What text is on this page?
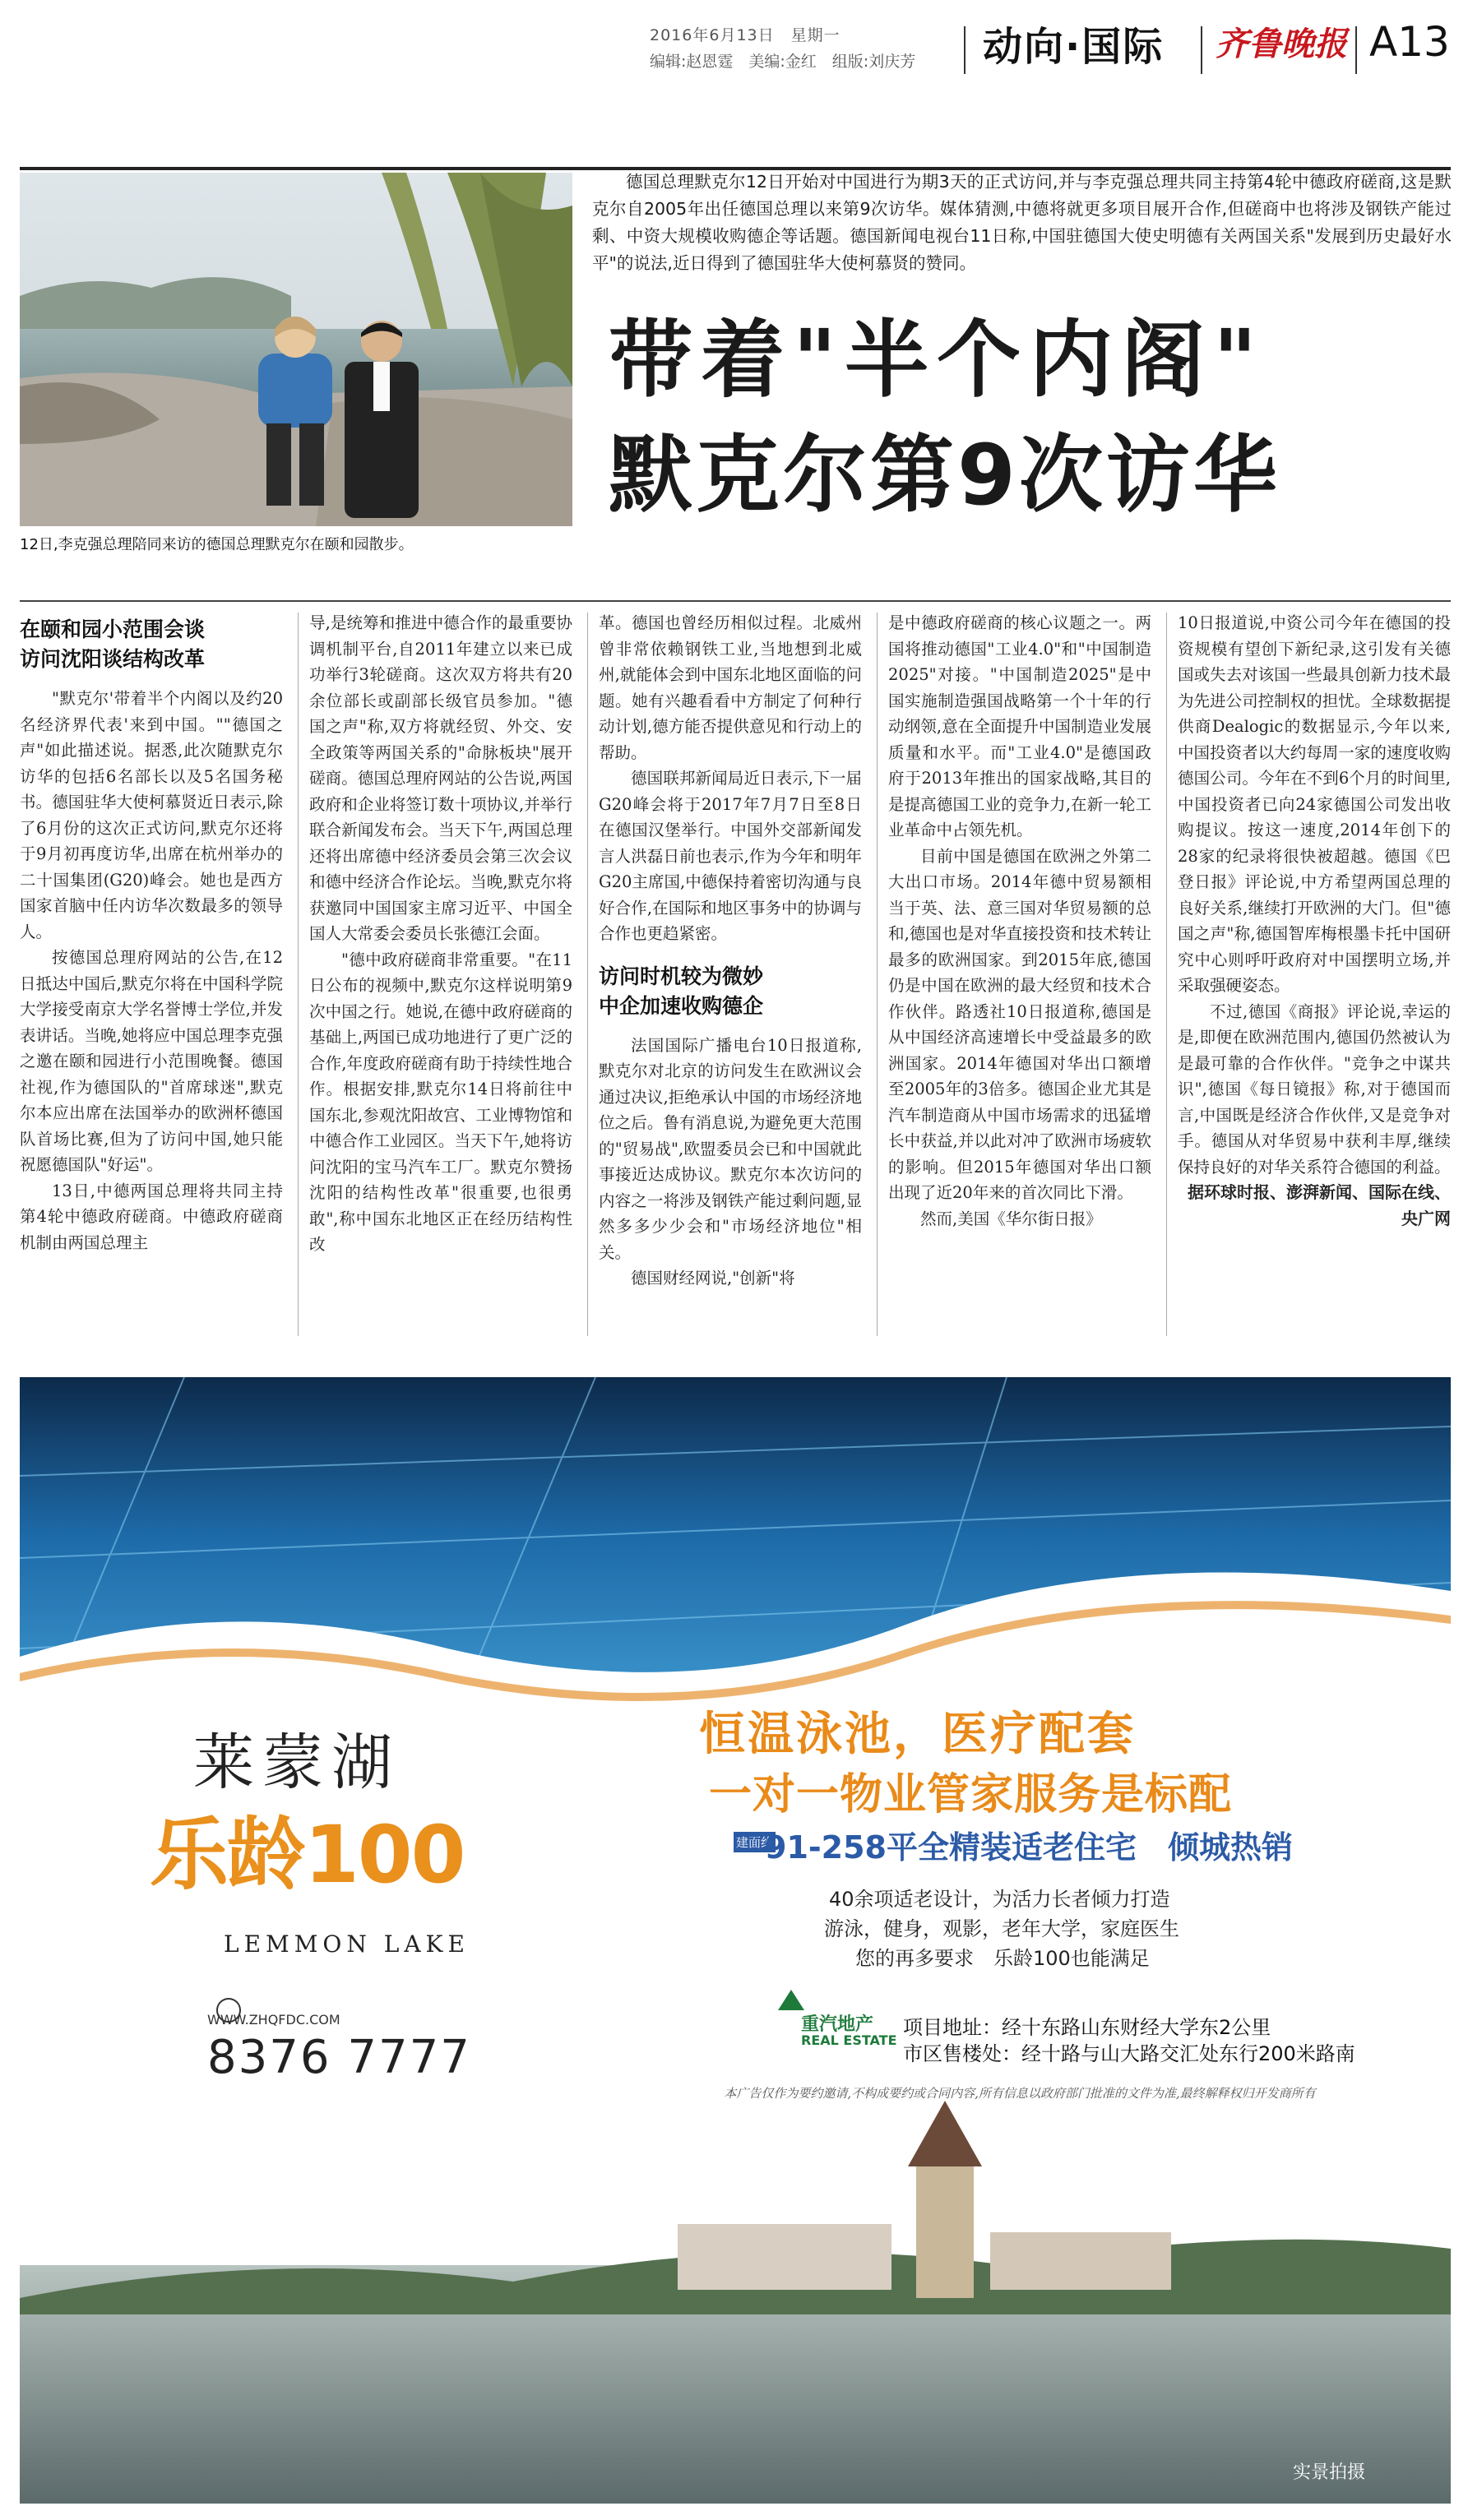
2016年6月13日　星期一
编辑:赵恩霆　美编:金红　组版:刘庆芳 动向·国际 齐鲁晚报 A13
12日,李克强总理陪同来访的德国总理默克尔在颐和园散步。
德国总理默克尔12日开始对中国进行为期3天的正式访问,并与李克强总理共同主持第4轮中德政府磋商,这是默克尔自2005年出任德国总理以来第9次访华。媒体猜测,中德将就更多项目展开合作,但磋商中也将涉及钢铁产能过剩、中资大规模收购德企等话题。德国新闻电视台11日称,中国驻德国大使史明德有关两国关系"发展到历史最好水平"的说法,近日得到了德国驻华大使柯慕贤的赞同。
带着"半个内阁"
默克尔第9次访华
在颐和园小范围会谈
访问沈阳谈结构改革

"默克尔'带着半个内阁以及约20名经济界代表'来到中国。""德国之声"如此描述说。据悉,此次随默克尔访华的包括6名部长以及5名国务秘书。德国驻华大使柯慕贤近日表示,除了6月份的这次正式访问,默克尔还将于9月初再度访华,出席在杭州举办的二十国集团(G20)峰会。她也是西方国家首脑中任内访华次数最多的领导人。

按德国总理府网站的公告,在12日抵达中国后,默克尔将在中国科学院大学接受南京大学名誉博士学位,并发表讲话。当晚,她将应中国总理李克强之邀在颐和园进行小范围晚餐。德国社视,作为德国队的"首席球迷",默克尔本应出席在法国举办的欧洲杯德国队首场比赛,但为了访问中国,她只能祝愿德国队"好运"。

13日,中德两国总理将共同主持第4轮中德政府磋商。中德政府磋商机制由两国总理主

导,是统筹和推进中德合作的最重要协调机制平台,自2011年建立以来已成功举行3轮磋商。这次双方将共有20余位部长或副部长级官员参加。"德国之声"称,双方将就经贸、外交、安全政策等两国关系的"命脉板块"展开磋商。德国总理府网站的公告说,两国政府和企业将签订数十项协议,并举行联合新闻发布会。当天下午,两国总理还将出席德中经济委员会第三次会议和德中经济合作论坛。当晚,默克尔将获邀同中国国家主席习近平、中国全国人大常委会委员长张德江会面。

"德中政府磋商非常重要。"在11日公布的视频中,默克尔这样说明第9次中国之行。她说,在德中政府磋商的基础上,两国已成功地进行了更广泛的合作,年度政府磋商有助于持续性地合作。根据安排,默克尔14日将前往中国东北,参观沈阳故宫、工业博物馆和中德合作工业园区。当天下午,她将访问沈阳的宝马汽车工厂。默克尔赞扬沈阳的结构性改革"很重要,也很勇敢",称中国东北地区正在经历结构性改

革。德国也曾经历相似过程。北威州曾非常依赖钢铁工业,当地想到北威州,就能体会到中国东北地区面临的问题。她有兴趣看看中方制定了何种行动计划,德方能否提供意见和行动上的帮助。

德国联邦新闻局近日表示,下一届G20峰会将于2017年7月7日至8日在德国汉堡举行。中国外交部新闻发言人洪磊日前也表示,作为今年和明年G20主席国,中德保持着密切沟通与良好合作,在国际和地区事务中的协调与合作也更趋紧密。

访问时机较为微妙
中企加速收购德企

法国国际广播电台10日报道称,默克尔对北京的访问发生在欧洲议会通过决议,拒绝承认中国的市场经济地位之后。鲁有消息说,为避免更大范围的"贸易战",欧盟委员会已和中国就此事接近达成协议。默克尔本次访问的内容之一将涉及钢铁产能过剩问题,显然多多少少会和"市场经济地位"相关。

德国财经网说,"创新"将

是中德政府磋商的核心议题之一。两国将推动德国"工业4.0"和"中国制造2025"对接。"中国制造2025"是中国实施制造强国战略第一个十年的行动纲领,意在全面提升中国制造业发展质量和水平。而"工业4.0"是德国政府于2013年推出的国家战略,其目的是提高德国工业的竞争力,在新一轮工业革命中占领先机。

目前中国是德国在欧洲之外第二大出口市场。2014年德中贸易额相当于英、法、意三国对华贸易额的总和,德国也是对华直接投资和技术转让最多的欧洲国家。到2015年底,德国仍是中国在欧洲的最大经贸和技术合作伙伴。路透社10日报道称,德国是从中国经济高速增长中受益最多的欧洲国家。2014年德国对华出口额增至2005年的3倍多。德国企业尤其是汽车制造商从中国市场需求的迅猛增长中获益,并以此对冲了欧洲市场疲软的影响。但2015年德国对华出口额出现了近20年来的首次同比下滑。

然而,美国《华尔街日报》

10日报道说,中资公司今年在德国的投资规模有望创下新纪录,这引发有关德国或失去对该国一些最具创新力技术最为先进公司控制权的担忧。全球数据提供商Dealogic的数据显示,今年以来,中国投资者以大约每周一家的速度收购德国公司。今年在不到6个月的时间里,中国投资者已向24家德国公司发出收购提议。按这一速度,2014年创下的28家的纪录将很快被超越。德国《巴登日报》评论说,中方希望两国总理的良好关系,继续打开欧洲的大门。但"德国之声"称,德国智库梅根墨卡托中国研究中心则呼吁政府对中国摆明立场,并采取强硬姿态。

不过,德国《商报》评论说,幸运的是,即便在欧洲范围内,德国仍然被认为是最可靠的合作伙伴。"竞争之中谋共识",德国《每日镜报》称,对于德国而言,中国既是经济合作伙伴,又是竞争对手。德国从对华贸易中获利丰厚,继续保持良好的对华关系符合德国的利益。

据环球时报、澎湃新闻、国际在线、央广网

莱蒙湖
乐龄100
LEMMON LAKE
恒温泳池，医疗配套
一对一物业管家服务是标配
建面约
91-258平全精装适老住宅　倾城热销
40余项适老设计，为活力长者倾力打造
游泳，健身，观影，老年大学，家庭医生
您的再多要求　乐龄100也能满足
WWW.ZHQFDC.COM
8376 7777
重汽地产
REAL ESTATE
项目地址：经十东路山东财经大学东2公里
市区售楼处：经十路与山大路交汇处东行200米路南
本广告仅作为要约邀请,不构成要约或合同内容,所有信息以政府部门批准的文件为准,最终解释权归开发商所有
实景拍摄
